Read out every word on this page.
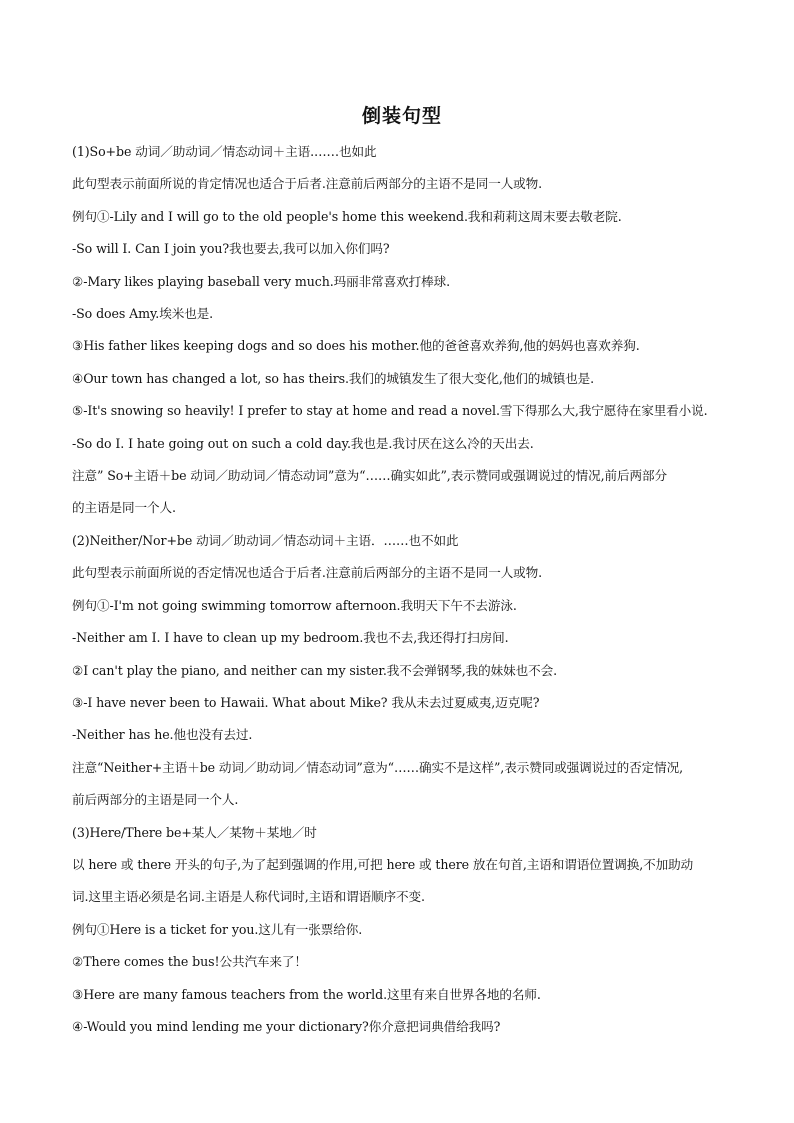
倒装句型

(1)So+be 动词／助动词／情态动词＋主语.……也如此

此句型表示前面所说的肯定情况也适合于后者.注意前后两部分的主语不是同一人或物.

例句①-Lily and I will go to the old people's home this weekend.我和莉莉这周末要去敬老院.

-So will I. Can I join you?我也要去,我可以加入你们吗?

②-Mary likes playing baseball very much.玛丽非常喜欢打棒球.

-So does Amy.埃米也是.

③His father likes keeping dogs and so does his mother.他的爸爸喜欢养狗,他的妈妈也喜欢养狗.

④Our town has changed a lot, so has theirs.我们的城镇发生了很大变化,他们的城镇也是.

⑤-It's snowing so heavily! I prefer to stay at home and read a novel.雪下得那么大,我宁愿待在家里看小说.

-So do I. I hate going out on such a cold day.我也是.我讨厌在这么冷的天出去.

注意” So+主语＋be 动词／助动词／情态动词”意为“……确实如此”,表示赞同或强调说过的情况,前后两部分

的主语是同一个人.

(2)Neither/Nor+be 动词／助动词／情态动词＋主语．……也不如此

此句型表示前面所说的否定情况也适合于后者.注意前后两部分的主语不是同一人或物.

例句①-I'm not going swimming tomorrow afternoon.我明天下午不去游泳.

-Neither am I. I have to clean up my bedroom.我也不去,我还得打扫房间.

②I can't play the piano, and neither can my sister.我不会弹钢琴,我的妹妹也不会.

③-I have never been to Hawaii. What about Mike? 我从未去过夏威夷,迈克呢?

-Neither has he.他也没有去过.

注意“Neither+主语＋be 动词／助动词／情态动词”意为“……确实不是这样”,表示赞同或强调说过的否定情况,

前后两部分的主语是同一个人.

(3)Here/There be+某人／某物＋某地／时

以 here 或 there 开头的句子,为了起到强调的作用,可把 here 或 there 放在句首,主语和谓语位置调换,不加助动

词.这里主语必须是名词.主语是人称代词时,主语和谓语顺序不变.

例句①Here is a ticket for you.这儿有一张票给你.

②There comes the bus!公共汽车来了！

③Here are many famous teachers from the world.这里有来自世界各地的名师.

④-Would you mind lending me your dictionary?你介意把词典借给我吗?
